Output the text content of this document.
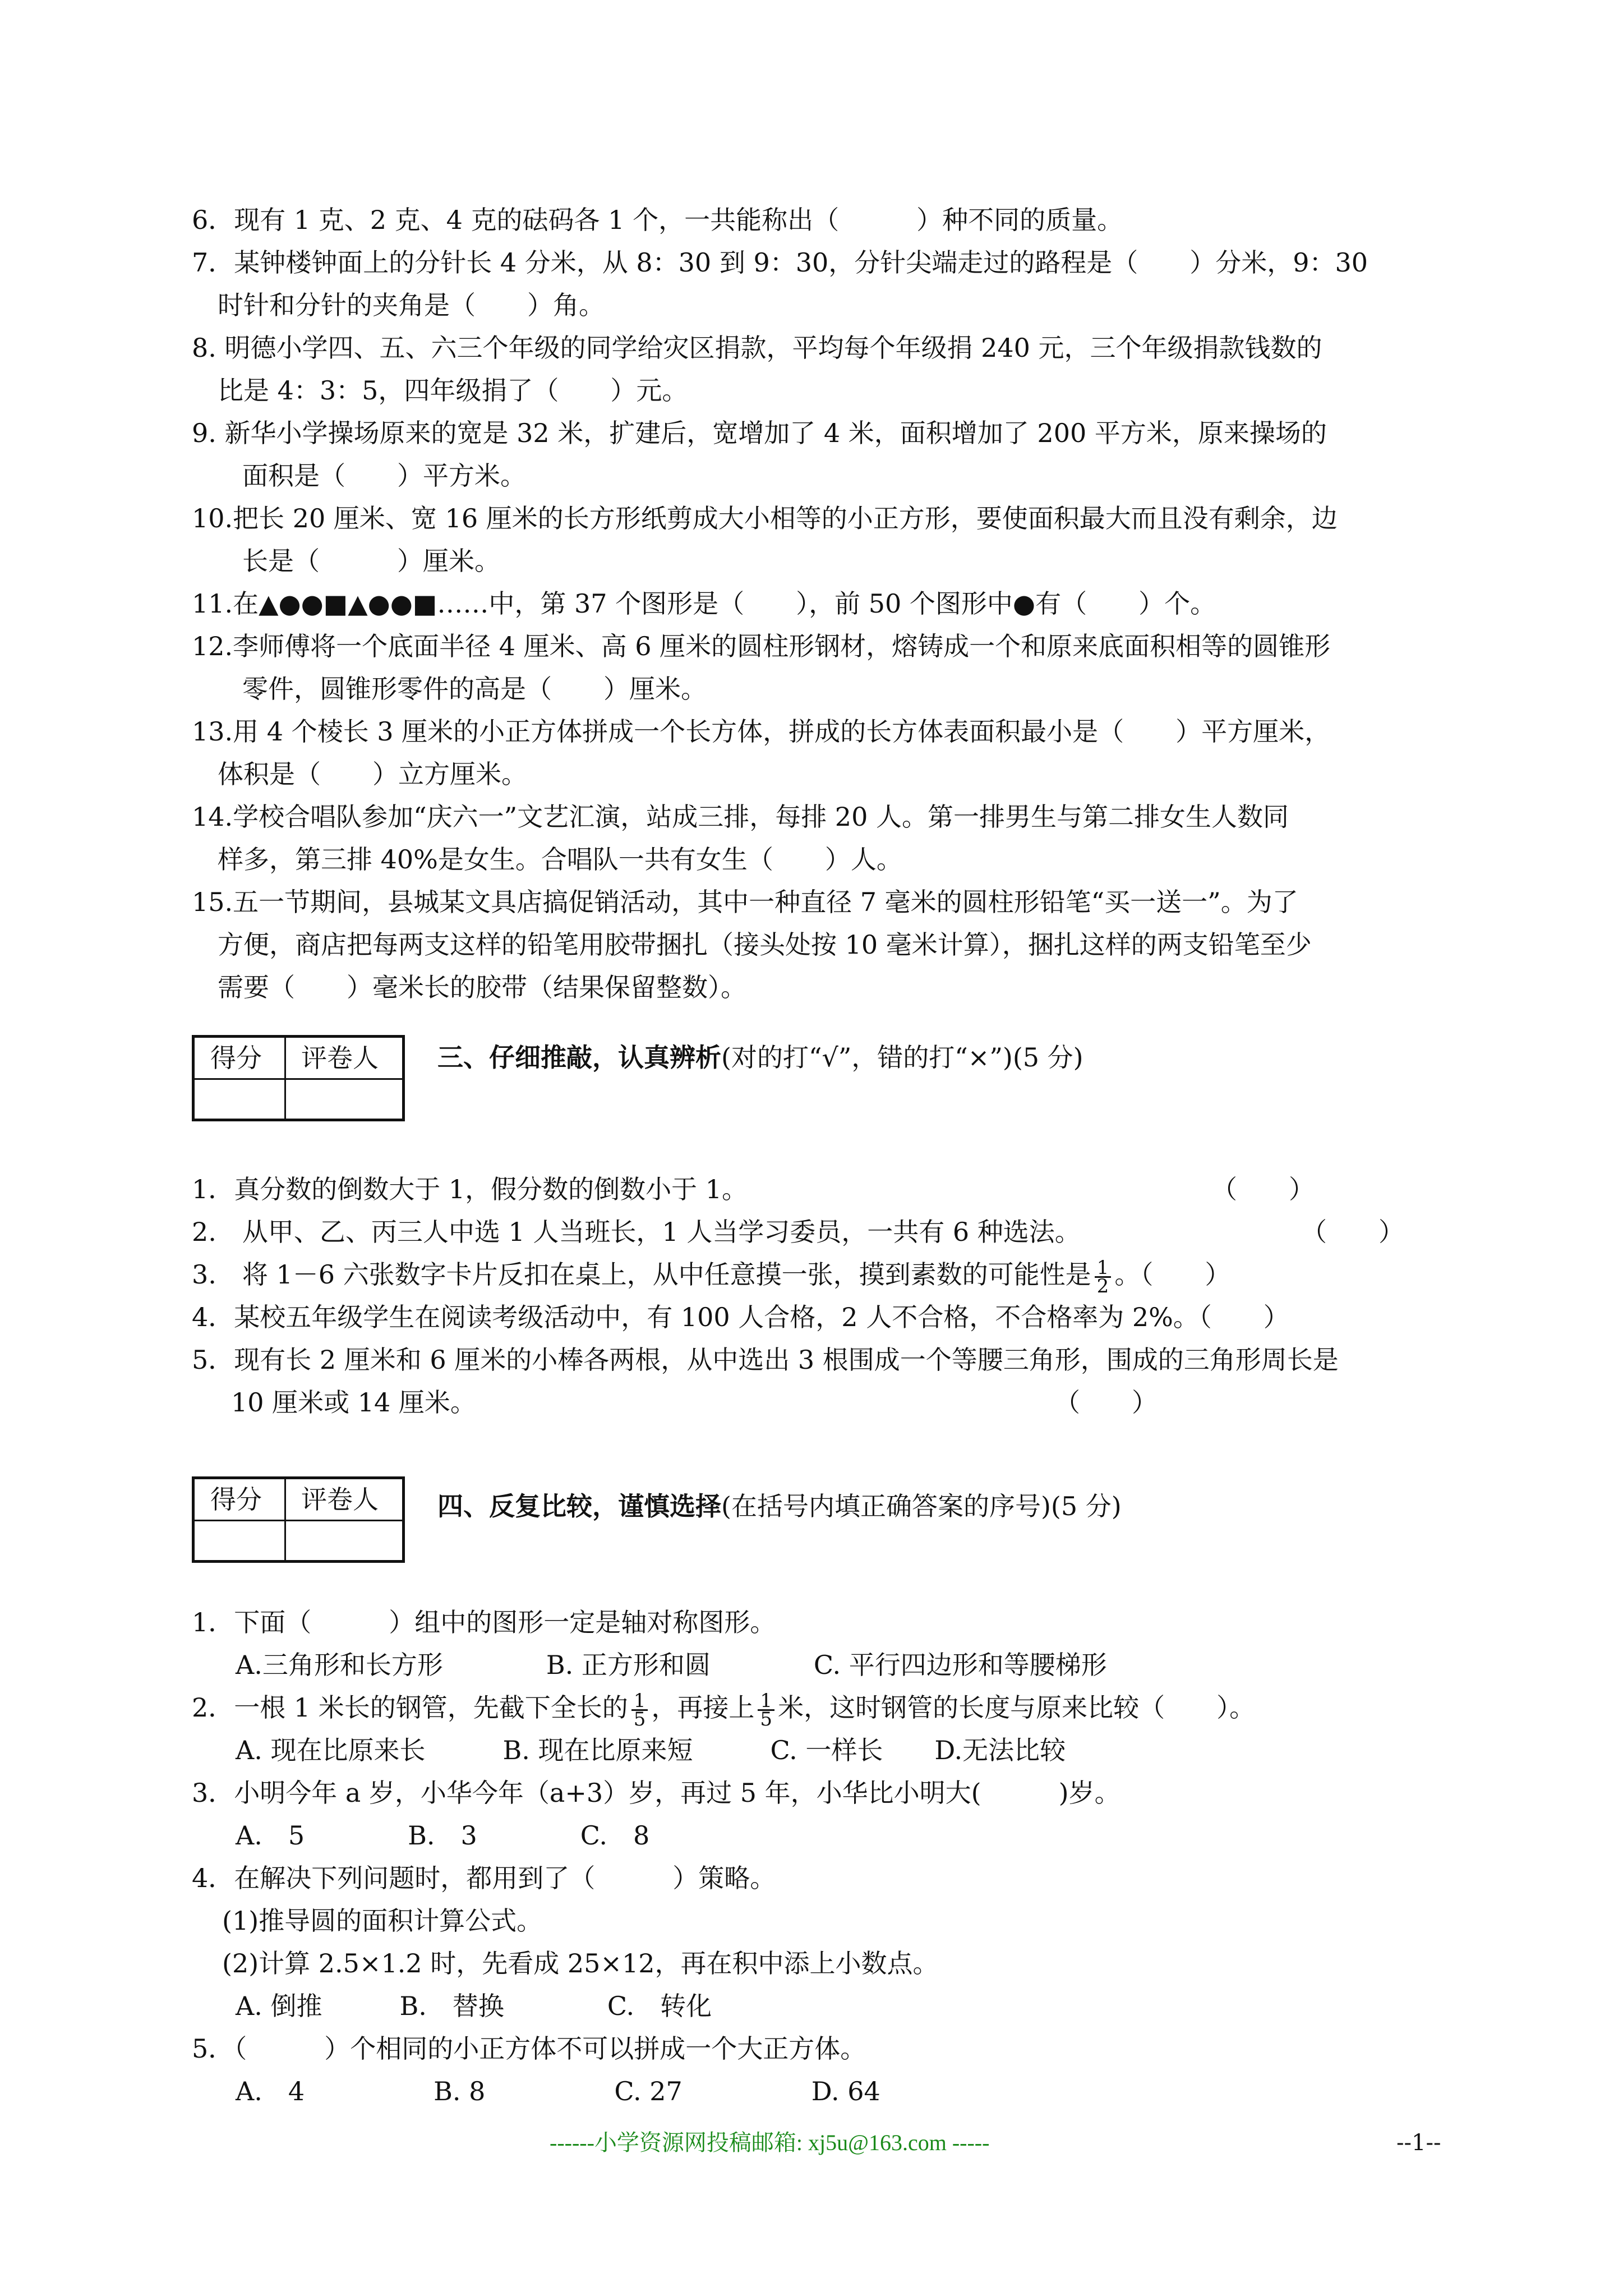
6．现有 1 克、2 克、4 克的砝码各 1 个，一共能称出（　　　）种不同的质量。
7．某钟楼钟面上的分针长 4 分米，从 8：30 到 9：30，分针尖端走过的路程是（　　）分米，9：30
时针和分针的夹角是（　　）角。
8. 明德小学四、五、六三个年级的同学给灾区捐款，平均每个年级捐 240 元，三个年级捐款钱数的
比是 4：3：5，四年级捐了（　　）元。
9. 新华小学操场原来的宽是 32 米，扩建后，宽增加了 4 米，面积增加了 200 平方米，原来操场的
面积是（　　）平方米。
10.把长 20 厘米、宽 16 厘米的长方形纸剪成大小相等的小正方形，要使面积最大而且没有剩余，边
长是（　　　）厘米。
11.在▲●●■▲●●■……中，第 37 个图形是（　　），前 50 个图形中●有（　　）个。
12.李师傅将一个底面半径 4 厘米、高 6 厘米的圆柱形钢材，熔铸成一个和原来底面积相等的圆锥形
零件，圆锥形零件的高是（　　）厘米。
13.用 4 个棱长 3 厘米的小正方体拼成一个长方体，拼成的长方体表面积最小是（　　）平方厘米，
体积是（　　）立方厘米。
14.学校合唱队参加“庆六一”文艺汇演，站成三排，每排 20 人。第一排男生与第二排女生人数同
样多，第三排 40%是女生。合唱队一共有女生（　　）人。
15.五一节期间，县城某文具店搞促销活动，其中一种直径 7 毫米的圆柱形铅笔“买一送一”。为了
方便，商店把每两支这样的铅笔用胶带捆扎（接头处按 10 毫米计算），捆扎这样的两支铅笔至少
需要（　　）毫米长的胶带（结果保留整数）。
得分 评卷人 三、仔细推敲，认真辨析(对的打“√”，错的打“×”)(5 分)
1．真分数的倒数大于 1，假分数的倒数小于 1。	（　　）
2.　从甲、乙、丙三人中选 1 人当班长，1 人当学习委员，一共有 6 种选法。	（　　）
3.　将 1－6 六张数字卡片反扣在桌上，从中任意摸一张，摸到素数的可能性是 $\frac{1}{2}$ 。（　　）
4．某校五年级学生在阅读考级活动中，有 100 人合格，2 人不合格，不合格率为 2%。（　　）
5．现有长 2 厘米和 6 厘米的小棒各两根，从中选出 3 根围成一个等腰三角形，围成的三角形周长是
10 厘米或 14 厘米。	（　　）
得分 评卷人 四、反复比较，谨慎选择(在括号内填正确答案的序号)(5 分)
1．下面（　　　）组中的图形一定是轴对称图形。
A.三角形和长方形　　　　B. 正方形和圆　　　　C. 平行四边形和等腰梯形
2．一根 1 米长的钢管，先截下全长的 $\frac{1}{5}$ ，再接上 $\frac{1}{5}$ 米，这时钢管的长度与原来比较（　　）。
A. 现在比原来长　　　B. 现在比原来短　　　C. 一样长　　D.无法比较
3．小明今年 a 岁，小华今年（a+3）岁，再过 5 年，小华比小明大(　　　)岁。
A.　5　　　　B.　3　　　　C.　8
4．在解决下列问题时，都用到了（　　　）策略。
(1)推导圆的面积计算公式。
(2)计算 2.5×1.2 时，先看成 25×12，再在积中添上小数点。
A. 倒推　　　B.　替换　　　　C.　转化
5．（　　　）个相同的小正方体不可以拼成一个大正方体。
A.　4　　　　　B. 8　　　　　C. 27　　　　　D. 64
------小学资源网投稿邮箱: xj5u@163.com -----	--1--
